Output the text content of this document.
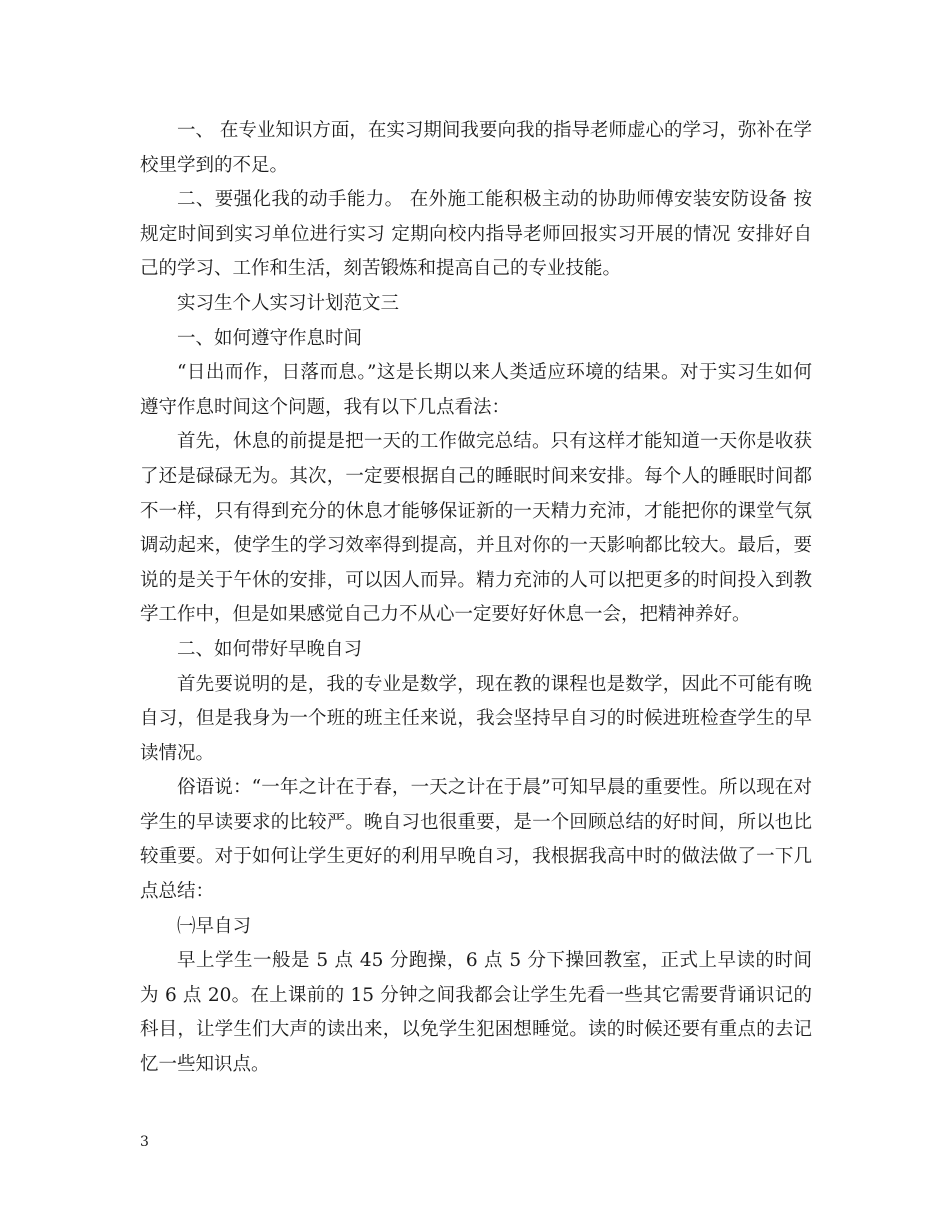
一、 在专业知识方面，在实习期间我要向我的指导老师虚心的学习，弥补在学校里学到的不足。

二、要强化我的动手能力。 在外施工能积极主动的协助师傅安装安防设备 按规定时间到实习单位进行实习 定期向校内指导老师回报实习开展的情况 安排好自己的学习、工作和生活，刻苦锻炼和提高自己的专业技能。

实习生个人实习计划范文三

一、如何遵守作息时间

“日出而作，日落而息。”这是长期以来人类适应环境的结果。对于实习生如何遵守作息时间这个问题，我有以下几点看法：

首先，休息的前提是把一天的工作做完总结。只有这样才能知道一天你是收获了还是碌碌无为。其次，一定要根据自己的睡眠时间来安排。每个人的睡眠时间都不一样，只有得到充分的休息才能够保证新的一天精力充沛，才能把你的课堂气氛调动起来，使学生的学习效率得到提高，并且对你的一天影响都比较大。最后，要说的是关于午休的安排，可以因人而异。精力充沛的人可以把更多的时间投入到教学工作中，但是如果感觉自己力不从心一定要好好休息一会，把精神养好。

二、如何带好早晚自习

首先要说明的是，我的专业是数学，现在教的课程也是数学，因此不可能有晚自习，但是我身为一个班的班主任来说，我会坚持早自习的时候进班检查学生的早读情况。

俗语说：“一年之计在于春，一天之计在于晨”可知早晨的重要性。所以现在对学生的早读要求的比较严。晚自习也很重要，是一个回顾总结的好时间，所以也比较重要。对于如何让学生更好的利用早晚自习，我根据我高中时的做法做了一下几点总结：

㈠早自习

早上学生一般是 5 点 45 分跑操，6 点 5 分下操回教室，正式上早读的时间为 6 点 20。在上课前的 15 分钟之间我都会让学生先看一些其它需要背诵识记的科目，让学生们大声的读出来，以免学生犯困想睡觉。读的时候还要有重点的去记忆一些知识点。

3
